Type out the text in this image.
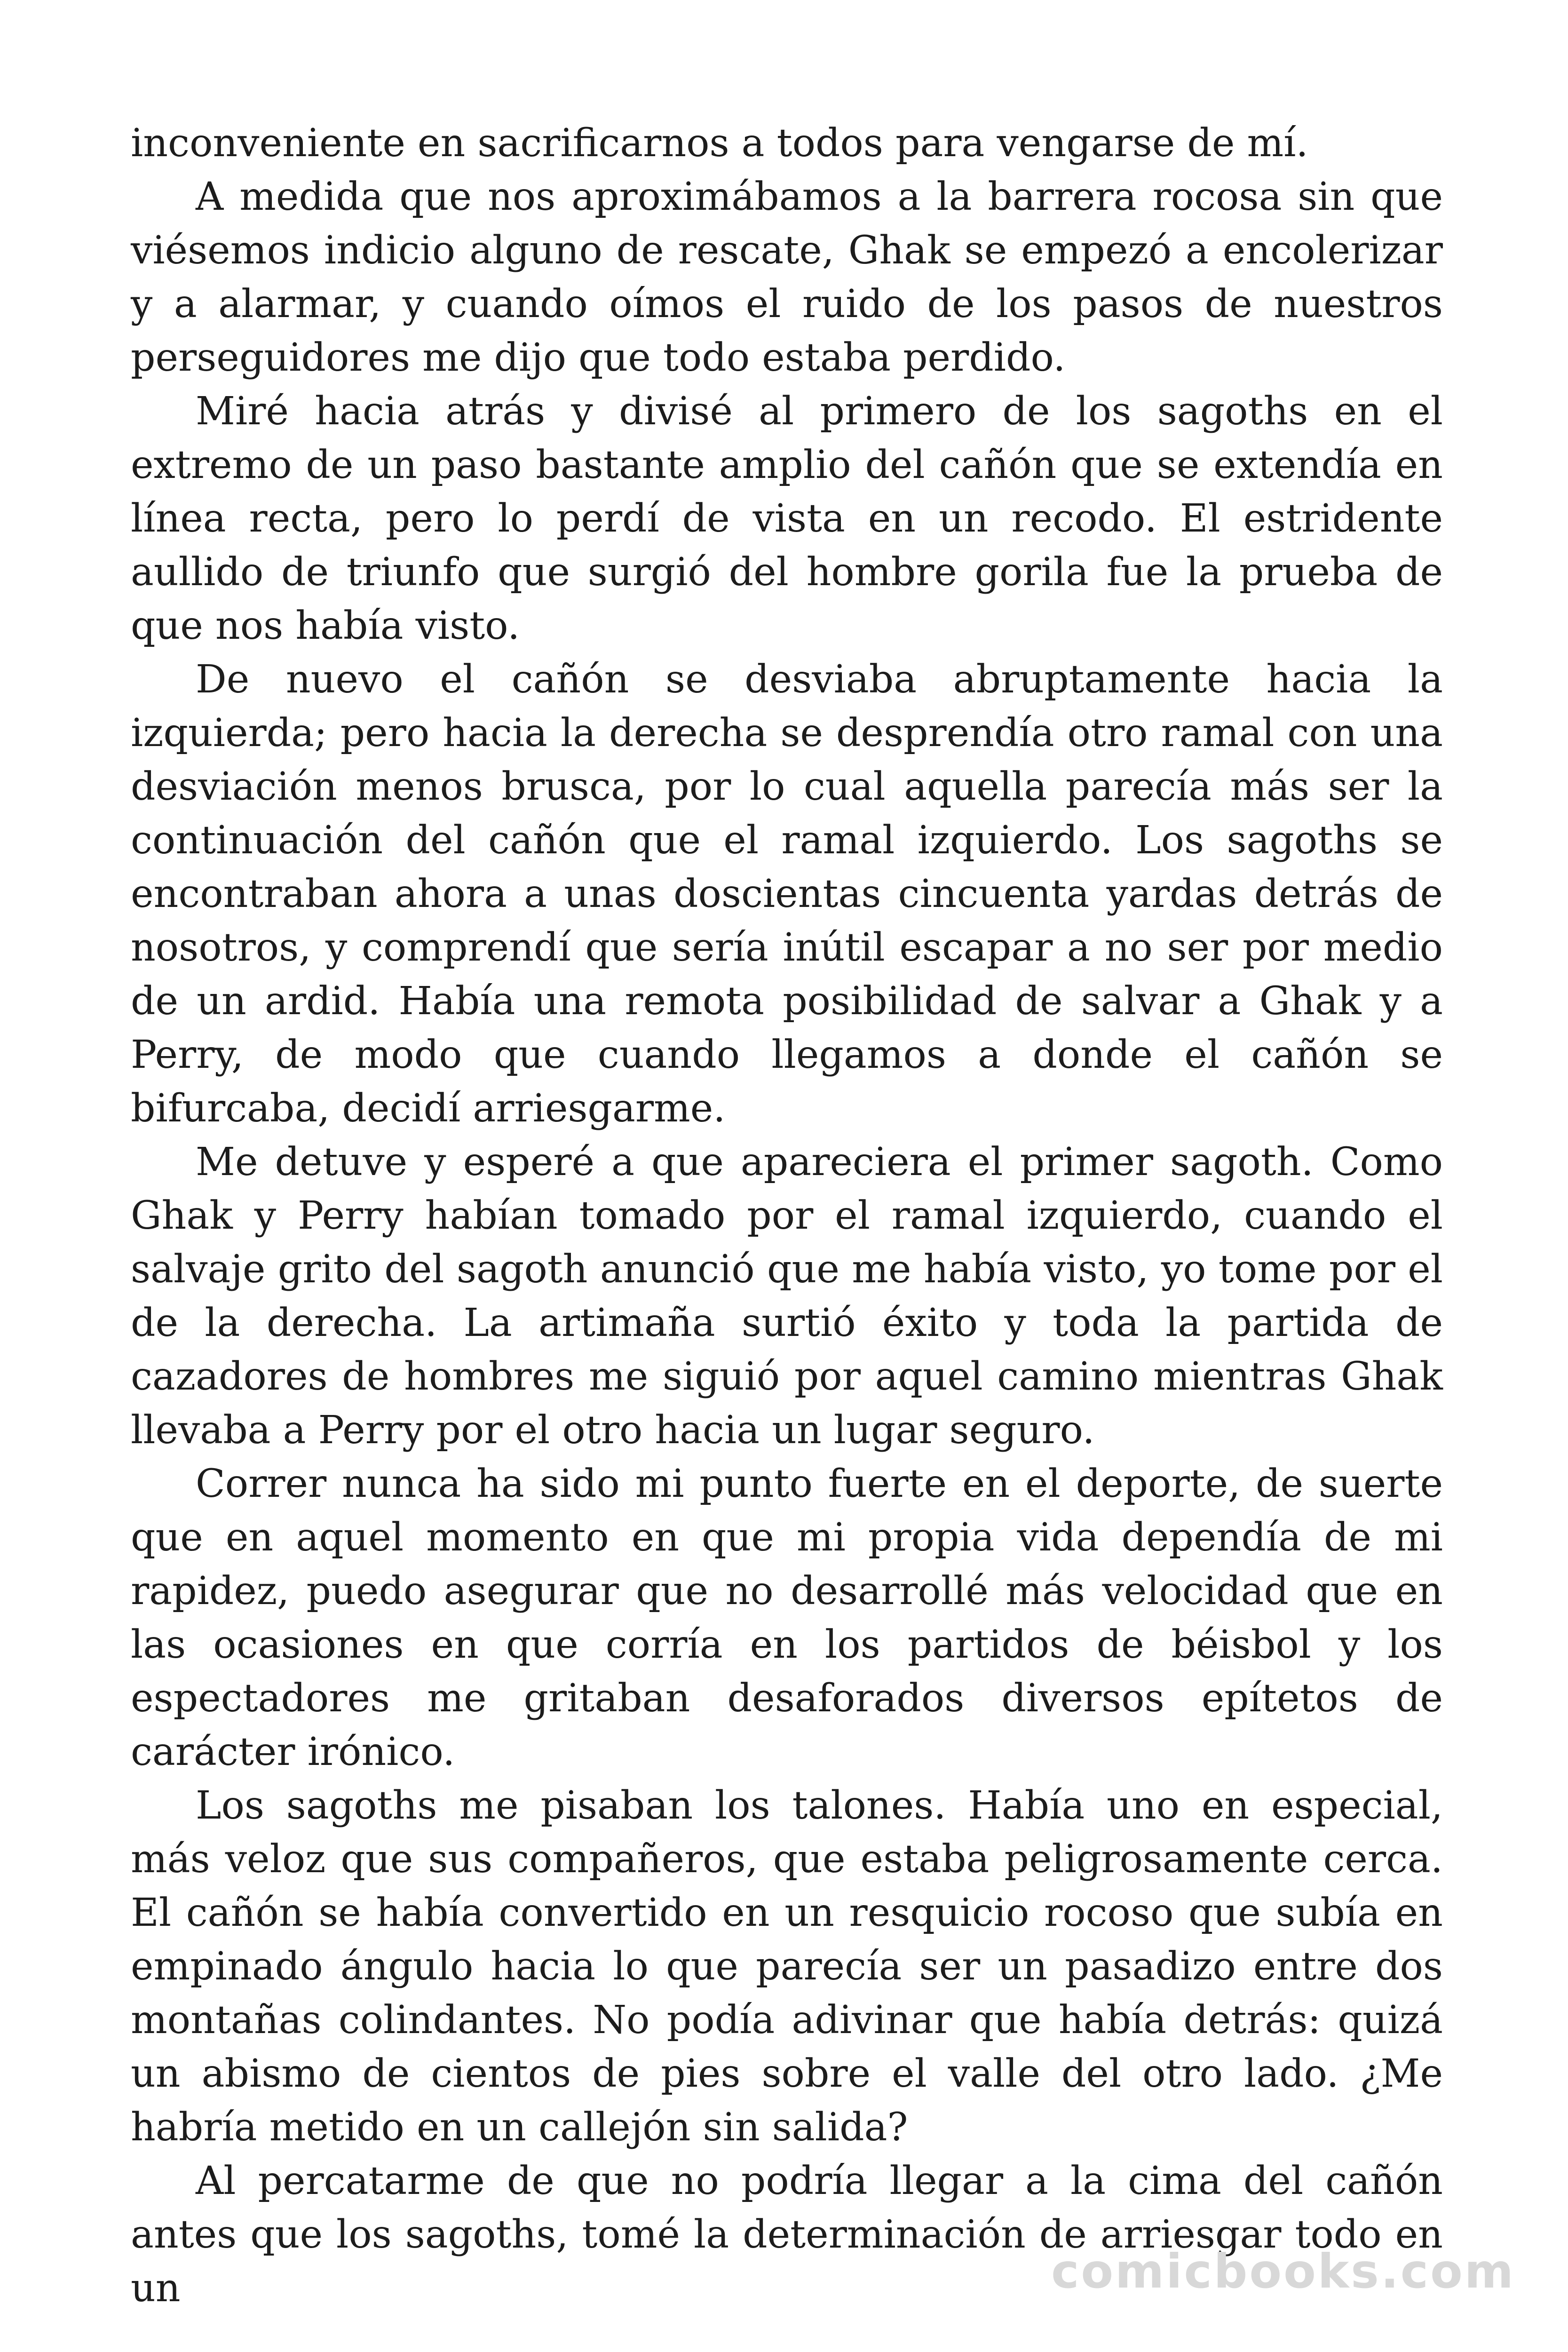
inconveniente en sacrificarnos a todos para vengarse de mí.

A medida que nos aproximábamos a la barrera rocosa sin que viésemos indicio alguno de rescate, Ghak se empezó a encolerizar y a alarmar, y cuando oímos el ruido de los pasos de nuestros perseguidores me dijo que todo estaba perdido.

Miré hacia atrás y divisé al primero de los sagoths en el extremo de un paso bastante amplio del cañón que se extendía en línea recta, pero lo perdí de vista en un recodo. El estridente aullido de triunfo que surgió del hombre gorila fue la prueba de que nos había visto.

De nuevo el cañón se desviaba abruptamente hacia la izquierda; pero hacia la derecha se desprendía otro ramal con una desviación menos brusca, por lo cual aquella parecía más ser la continuación del cañón que el ramal izquierdo. Los sagoths se encontraban ahora a unas doscientas cincuenta yardas detrás de nosotros, y comprendí que sería inútil escapar a no ser por medio de un ardid. Había una remota posibilidad de salvar a Ghak y a Perry, de modo que cuando llegamos a donde el cañón se bifurcaba, decidí arriesgarme.

Me detuve y esperé a que apareciera el primer sagoth. Como Ghak y Perry habían tomado por el ramal izquierdo, cuando el salvaje grito del sagoth anunció que me había visto, yo tome por el de la derecha. La artimaña surtió éxito y toda la partida de cazadores de hombres me siguió por aquel camino mientras Ghak llevaba a Perry por el otro hacia un lugar seguro.

Correr nunca ha sido mi punto fuerte en el deporte, de suerte que en aquel momento en que mi propia vida dependía de mi rapidez, puedo asegurar que no desarrollé más velocidad que en las ocasiones en que corría en los partidos de béisbol y los espectadores me gritaban desaforados diversos epítetos de carácter irónico.

Los sagoths me pisaban los talones. Había uno en especial, más veloz que sus compañeros, que estaba peligrosamente cerca. El cañón se había convertido en un resquicio rocoso que subía en empinado ángulo hacia lo que parecía ser un pasadizo entre dos montañas colindantes. No podía adivinar que había detrás: quizá un abismo de cientos de pies sobre el valle del otro lado. ¿Me habría metido en un callejón sin salida?

Al percatarme de que no podría llegar a la cima del cañón antes que los sagoths, tomé la determinación de arriesgar todo en un	comicbooks.com
